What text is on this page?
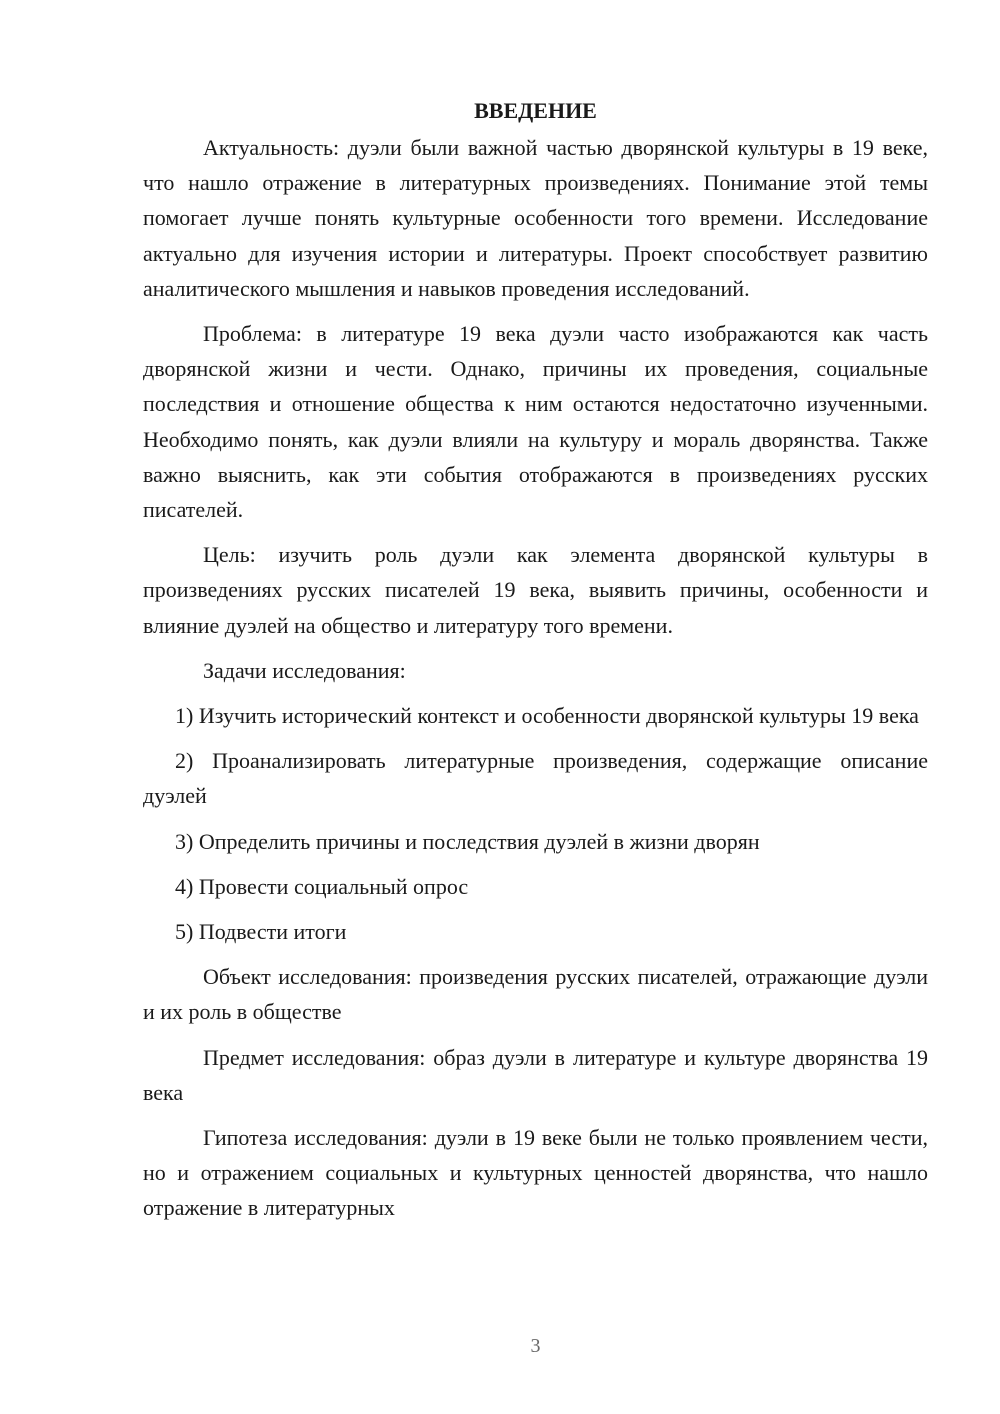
ВВЕДЕНИЕ

Актуальность: дуэли были важной частью дворянской культуры в 19 веке, что нашло отражение в литературных произведениях. Понимание этой темы помогает лучше понять культурные особенности того времени. Исследование актуально для изучения истории и литературы. Проект способствует развитию аналитического мышления и навыков проведения исследований.

Проблема: в литературе 19 века дуэли часто изображаются как часть дворянской жизни и чести. Однако, причины их проведения, социальные последствия и отношение общества к ним остаются недостаточно изученными. Необходимо понять, как дуэли влияли на культуру и мораль дворянства. Также важно выяснить, как эти события отображаются в произведениях русских писателей.

Цель: изучить роль дуэли как элемента дворянской культуры в произведениях русских писателей 19 века, выявить причины, особенности и влияние дуэлей на общество и литературу того времени.

Задачи исследования:

1) Изучить исторический контекст и особенности дворянской культуры 19 века

2) Проанализировать литературные произведения, содержащие описание дуэлей

3) Определить причины и последствия дуэлей в жизни дворян

4) Провести социальный опрос

5) Подвести итоги

Объект исследования: произведения русских писателей, отражающие дуэли и их роль в обществе

Предмет исследования: образ дуэли в литературе и культуре дворянства 19 века

Гипотеза исследования: дуэли в 19 веке были не только проявлением чести, но и отражением социальных и культурных ценностей дворянства, что нашло отражение в литературных

3
